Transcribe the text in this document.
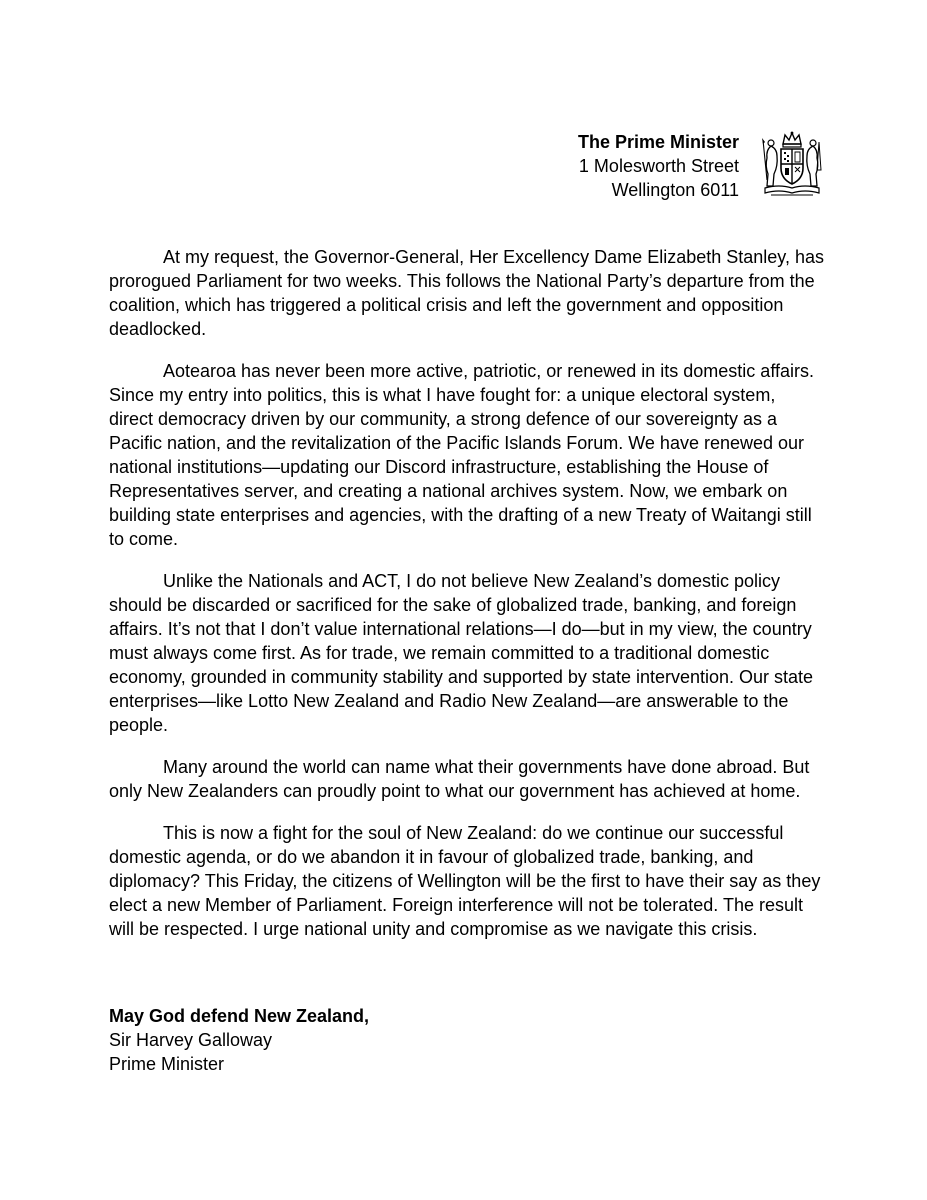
The Prime Minister
1 Molesworth Street
Wellington 6011

At my request, the Governor-General, Her Excellency Dame Elizabeth Stanley, has prorogued Parliament for two weeks. This follows the National Party’s departure from the coalition, which has triggered a political crisis and left the government and opposition deadlocked.

Aotearoa has never been more active, patriotic, or renewed in its domestic affairs. Since my entry into politics, this is what I have fought for: a unique electoral system, direct democracy driven by our community, a strong defence of our sovereignty as a Pacific nation, and the revitalization of the Pacific Islands Forum. We have renewed our national institutions—updating our Discord infrastructure, establishing the House of Representatives server, and creating a national archives system. Now, we embark on building state enterprises and agencies, with the drafting of a new Treaty of Waitangi still to come.

Unlike the Nationals and ACT, I do not believe New Zealand’s domestic policy should be discarded or sacrificed for the sake of globalized trade, banking, and foreign affairs. It’s not that I don’t value international relations—I do—but in my view, the country must always come first. As for trade, we remain committed to a traditional domestic economy, grounded in community stability and supported by state intervention. Our state enterprises—like Lotto New Zealand and Radio New Zealand—are answerable to the people.

Many around the world can name what their governments have done abroad. But only New Zealanders can proudly point to what our government has achieved at home.

This is now a fight for the soul of New Zealand: do we continue our successful domestic agenda, or do we abandon it in favour of globalized trade, banking, and diplomacy? This Friday, the citizens of Wellington will be the first to have their say as they elect a new Member of Parliament. Foreign interference will not be tolerated. The result will be respected. I urge national unity and compromise as we navigate this crisis.

May God defend New Zealand,
Sir Harvey Galloway
Prime Minister
